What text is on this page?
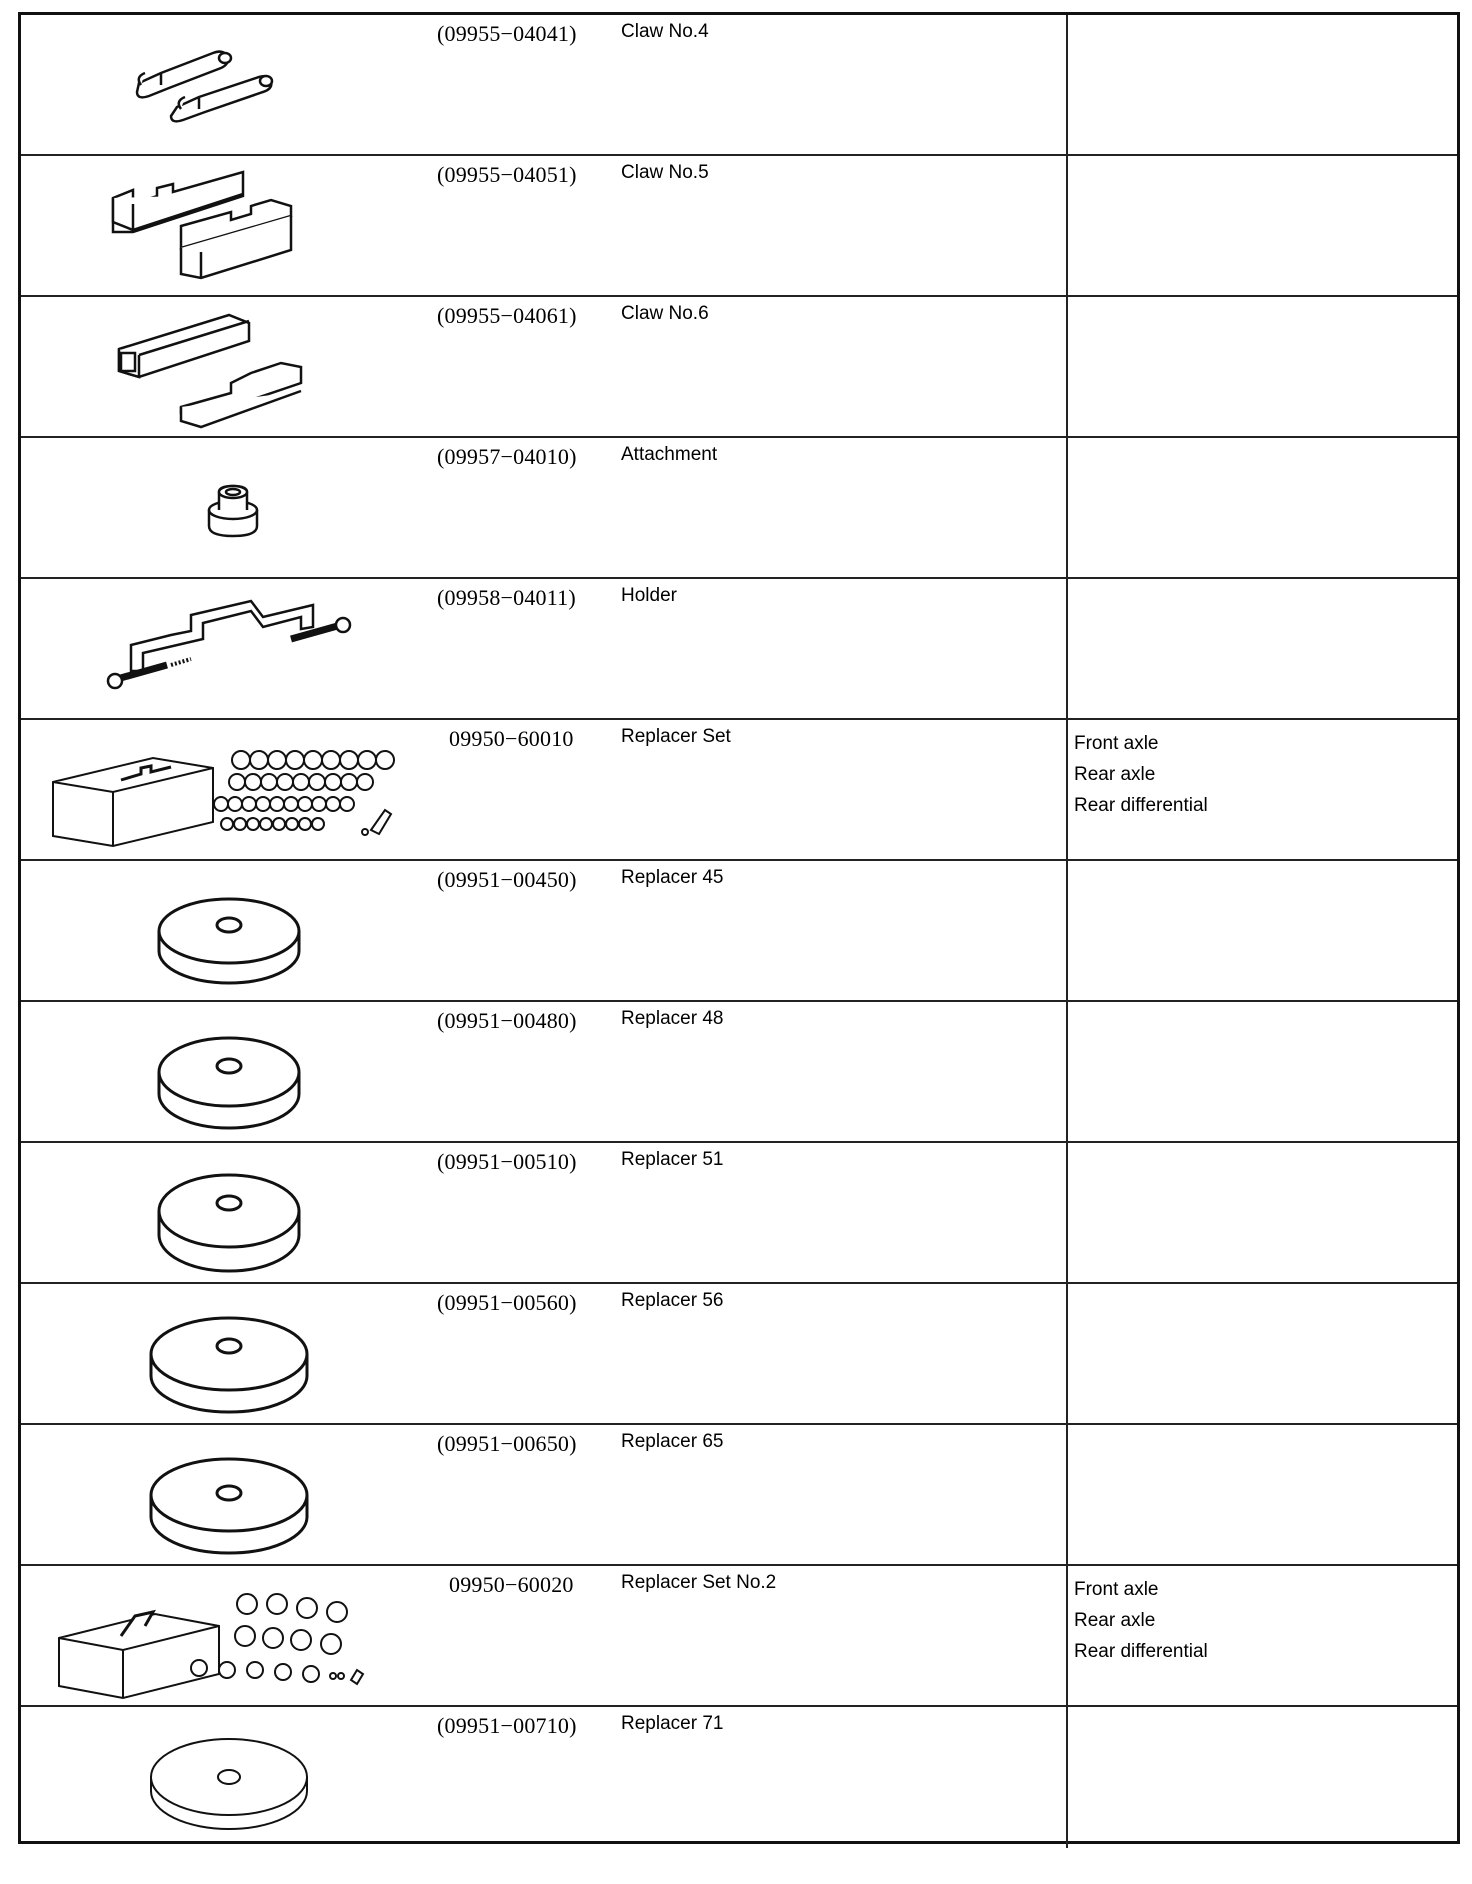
(09955−04041) Claw No.4
(09955−04051) Claw No.5
(09955−04061) Claw No.6
(09957−04010) Attachment
(09958−04011) Holder
09950−60010 Replacer Set	Front axle
Rear axle
Rear differential
(09951−00450) Replacer 45
(09951−00480) Replacer 48
(09951−00510) Replacer 51
(09951−00560) Replacer 56
(09951−00650) Replacer 65
09950−60020 Replacer Set No.2	Front axle
Rear axle
Rear differential
(09951−00710) Replacer 71
